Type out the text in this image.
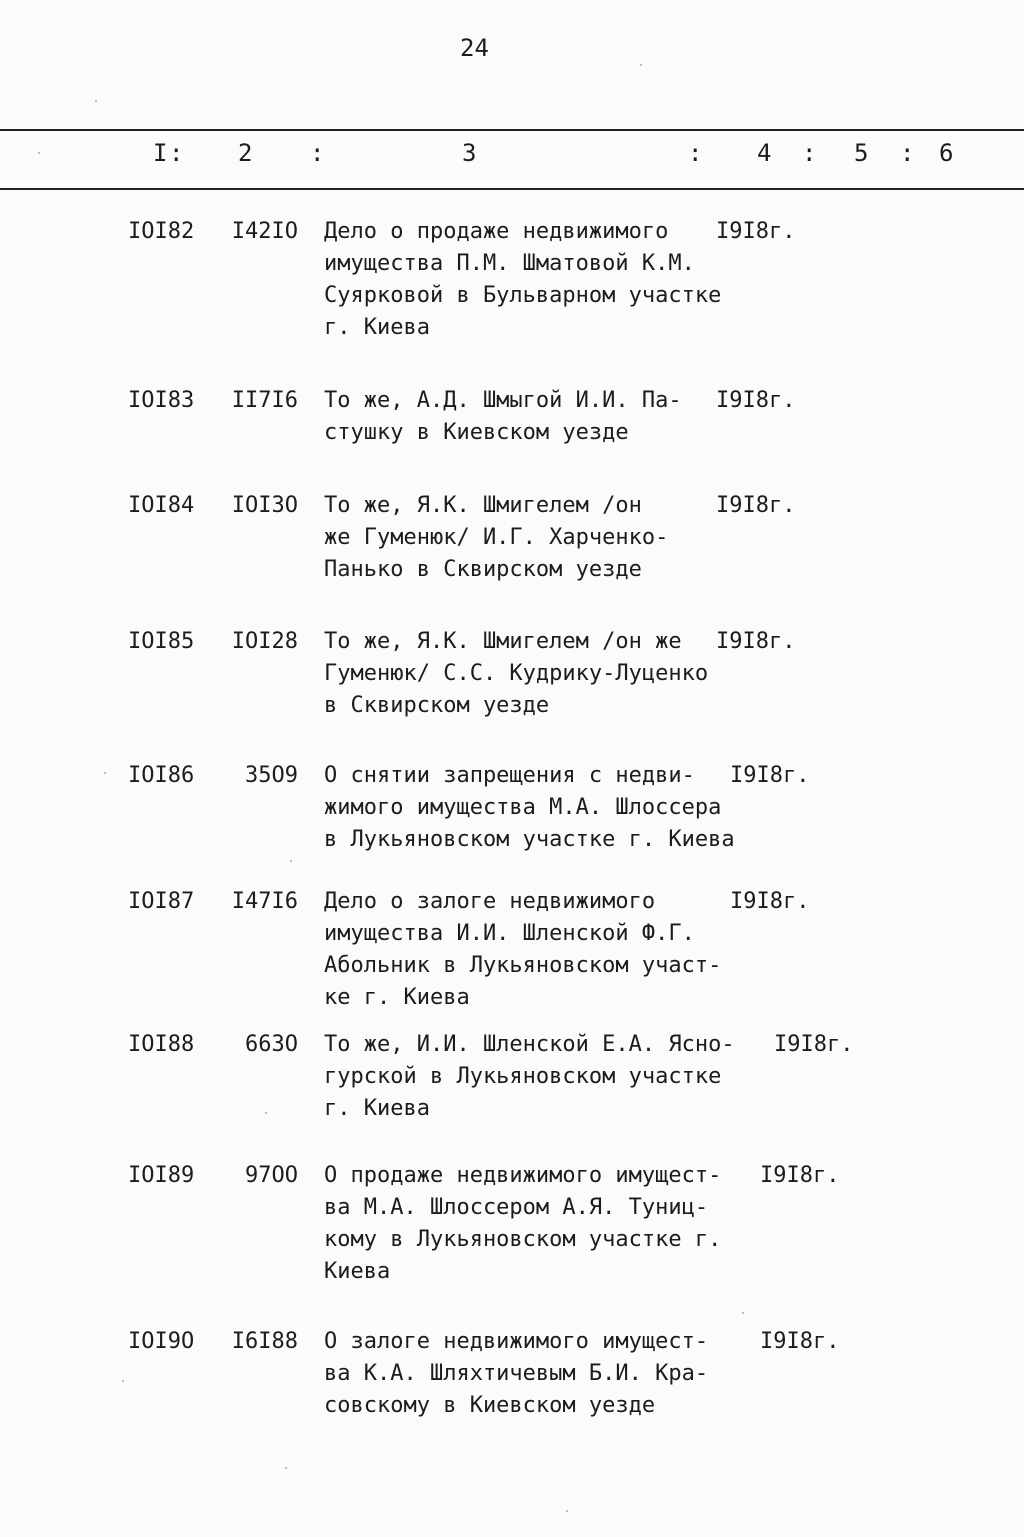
24
I : 2 :	3	: 4 : 5 : 6
IOI82	I42IO Дело о продаже недвижимого
имущества П.М. Шматовой К.М.
Суярковой в Бульварном участке
г. Киева
I9I8г.
IOI83	II7I6 То же, А.Д. Шмыгой И.И. Па-
стушку в Киевском уезде
I9I8г.
IOI84	IOI3O То же, Я.К. Шмигелем /он
же Гуменюк/ И.Г. Харченко-
Панько в Сквирском уезде
I9I8г.
IOI85	IOI28 То же, Я.К. Шмигелем /он же
Гуменюк/ С.С. Кудрику-Луценко
в Сквирском уезде
I9I8г.
IOI86	35O9 О снятии запрещения с недви-
жимого имущества М.А. Шлоссера
в Лукьяновском участке г. Киева
I9I8г.
IOI87	I47I6 Дело о залоге недвижимого
имущества И.И. Шленской Ф.Г.
Абольник в Лукьяновском участ-
ке г. Киева
I9I8г.
IOI88	663O То же, И.И. Шленской Е.А. Ясно-
гурской в Лукьяновском участке
г. Киева
I9I8г.
IOI89	97OO О продаже недвижимого имущест-
ва М.А. Шлоссером А.Я. Туниц-
кому в Лукьяновском участке г.
Киева
I9I8г.
IOI9O	I6I88 О залоге недвижимого имущест-
ва К.А. Шляхтичевым Б.И. Кра-
совскому в Киевском уезде
I9I8г.
